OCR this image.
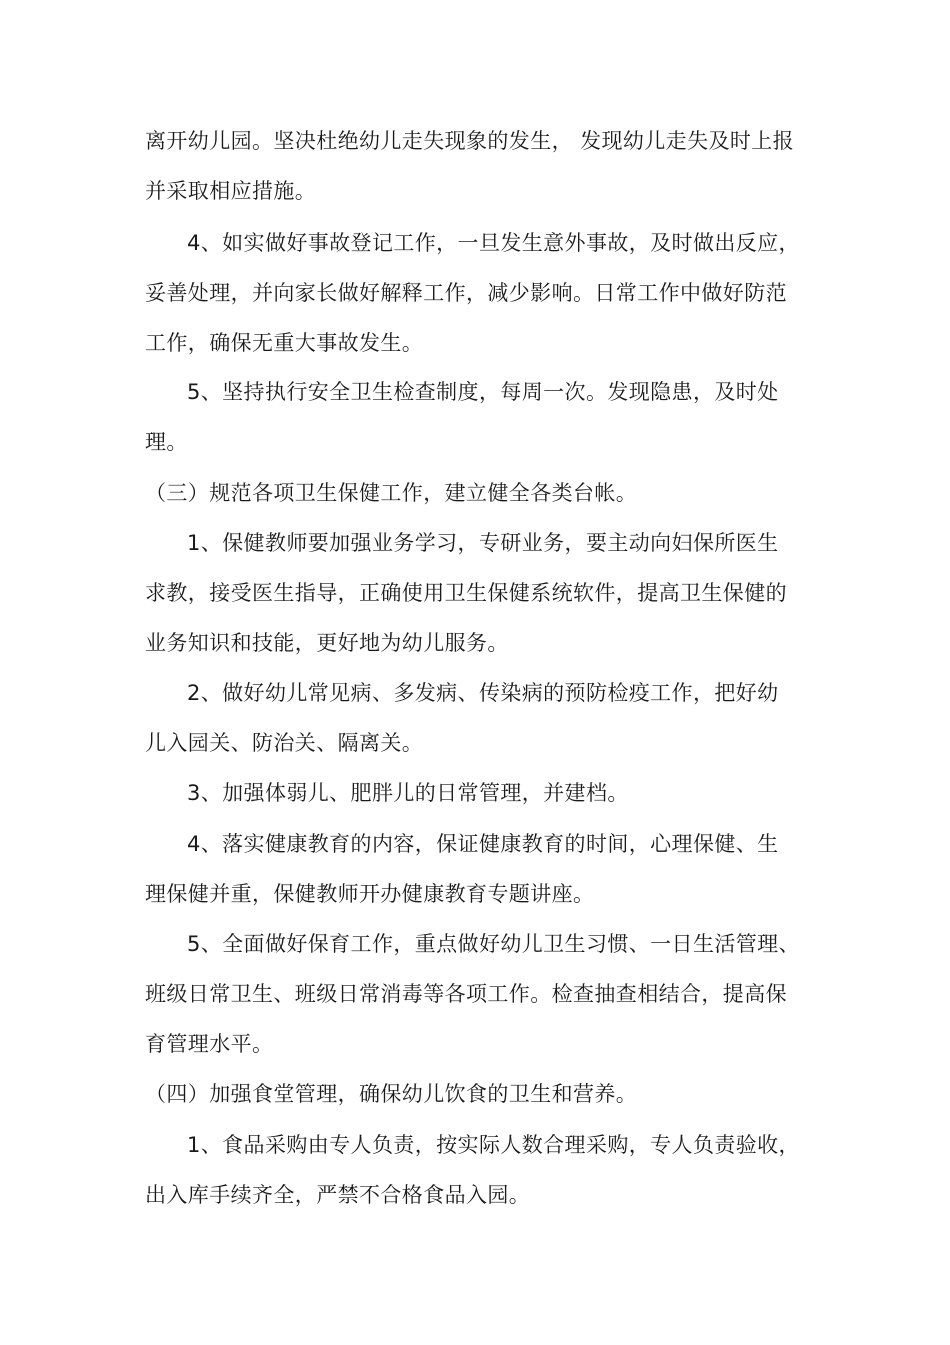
离开幼儿园。坚决杜绝幼儿走失现象的发生， 发现幼儿走失及时上报

并采取相应措施。

4、如实做好事故登记工作，一旦发生意外事故，及时做出反应，

妥善处理，并向家长做好解释工作，减少影响。日常工作中做好防范

工作，确保无重大事故发生。

5、坚持执行安全卫生检查制度，每周一次。发现隐患，及时处

理。

（三）规范各项卫生保健工作，建立健全各类台帐。

1、保健教师要加强业务学习，专研业务，要主动向妇保所医生

求教，接受医生指导，正确使用卫生保健系统软件，提高卫生保健的

业务知识和技能，更好地为幼儿服务。

2、做好幼儿常见病、多发病、传染病的预防检疫工作，把好幼

儿入园关、防治关、隔离关。

3、加强体弱儿、肥胖儿的日常管理，并建档。

4、落实健康教育的内容，保证健康教育的时间，心理保健、生

理保健并重，保健教师开办健康教育专题讲座。

5、全面做好保育工作，重点做好幼儿卫生习惯、一日生活管理、

班级日常卫生、班级日常消毒等各项工作。检查抽查相结合，提高保

育管理水平。

（四）加强食堂管理，确保幼儿饮食的卫生和营养。

1、食品采购由专人负责，按实际人数合理采购，专人负责验收，

出入库手续齐全，严禁不合格食品入园。
